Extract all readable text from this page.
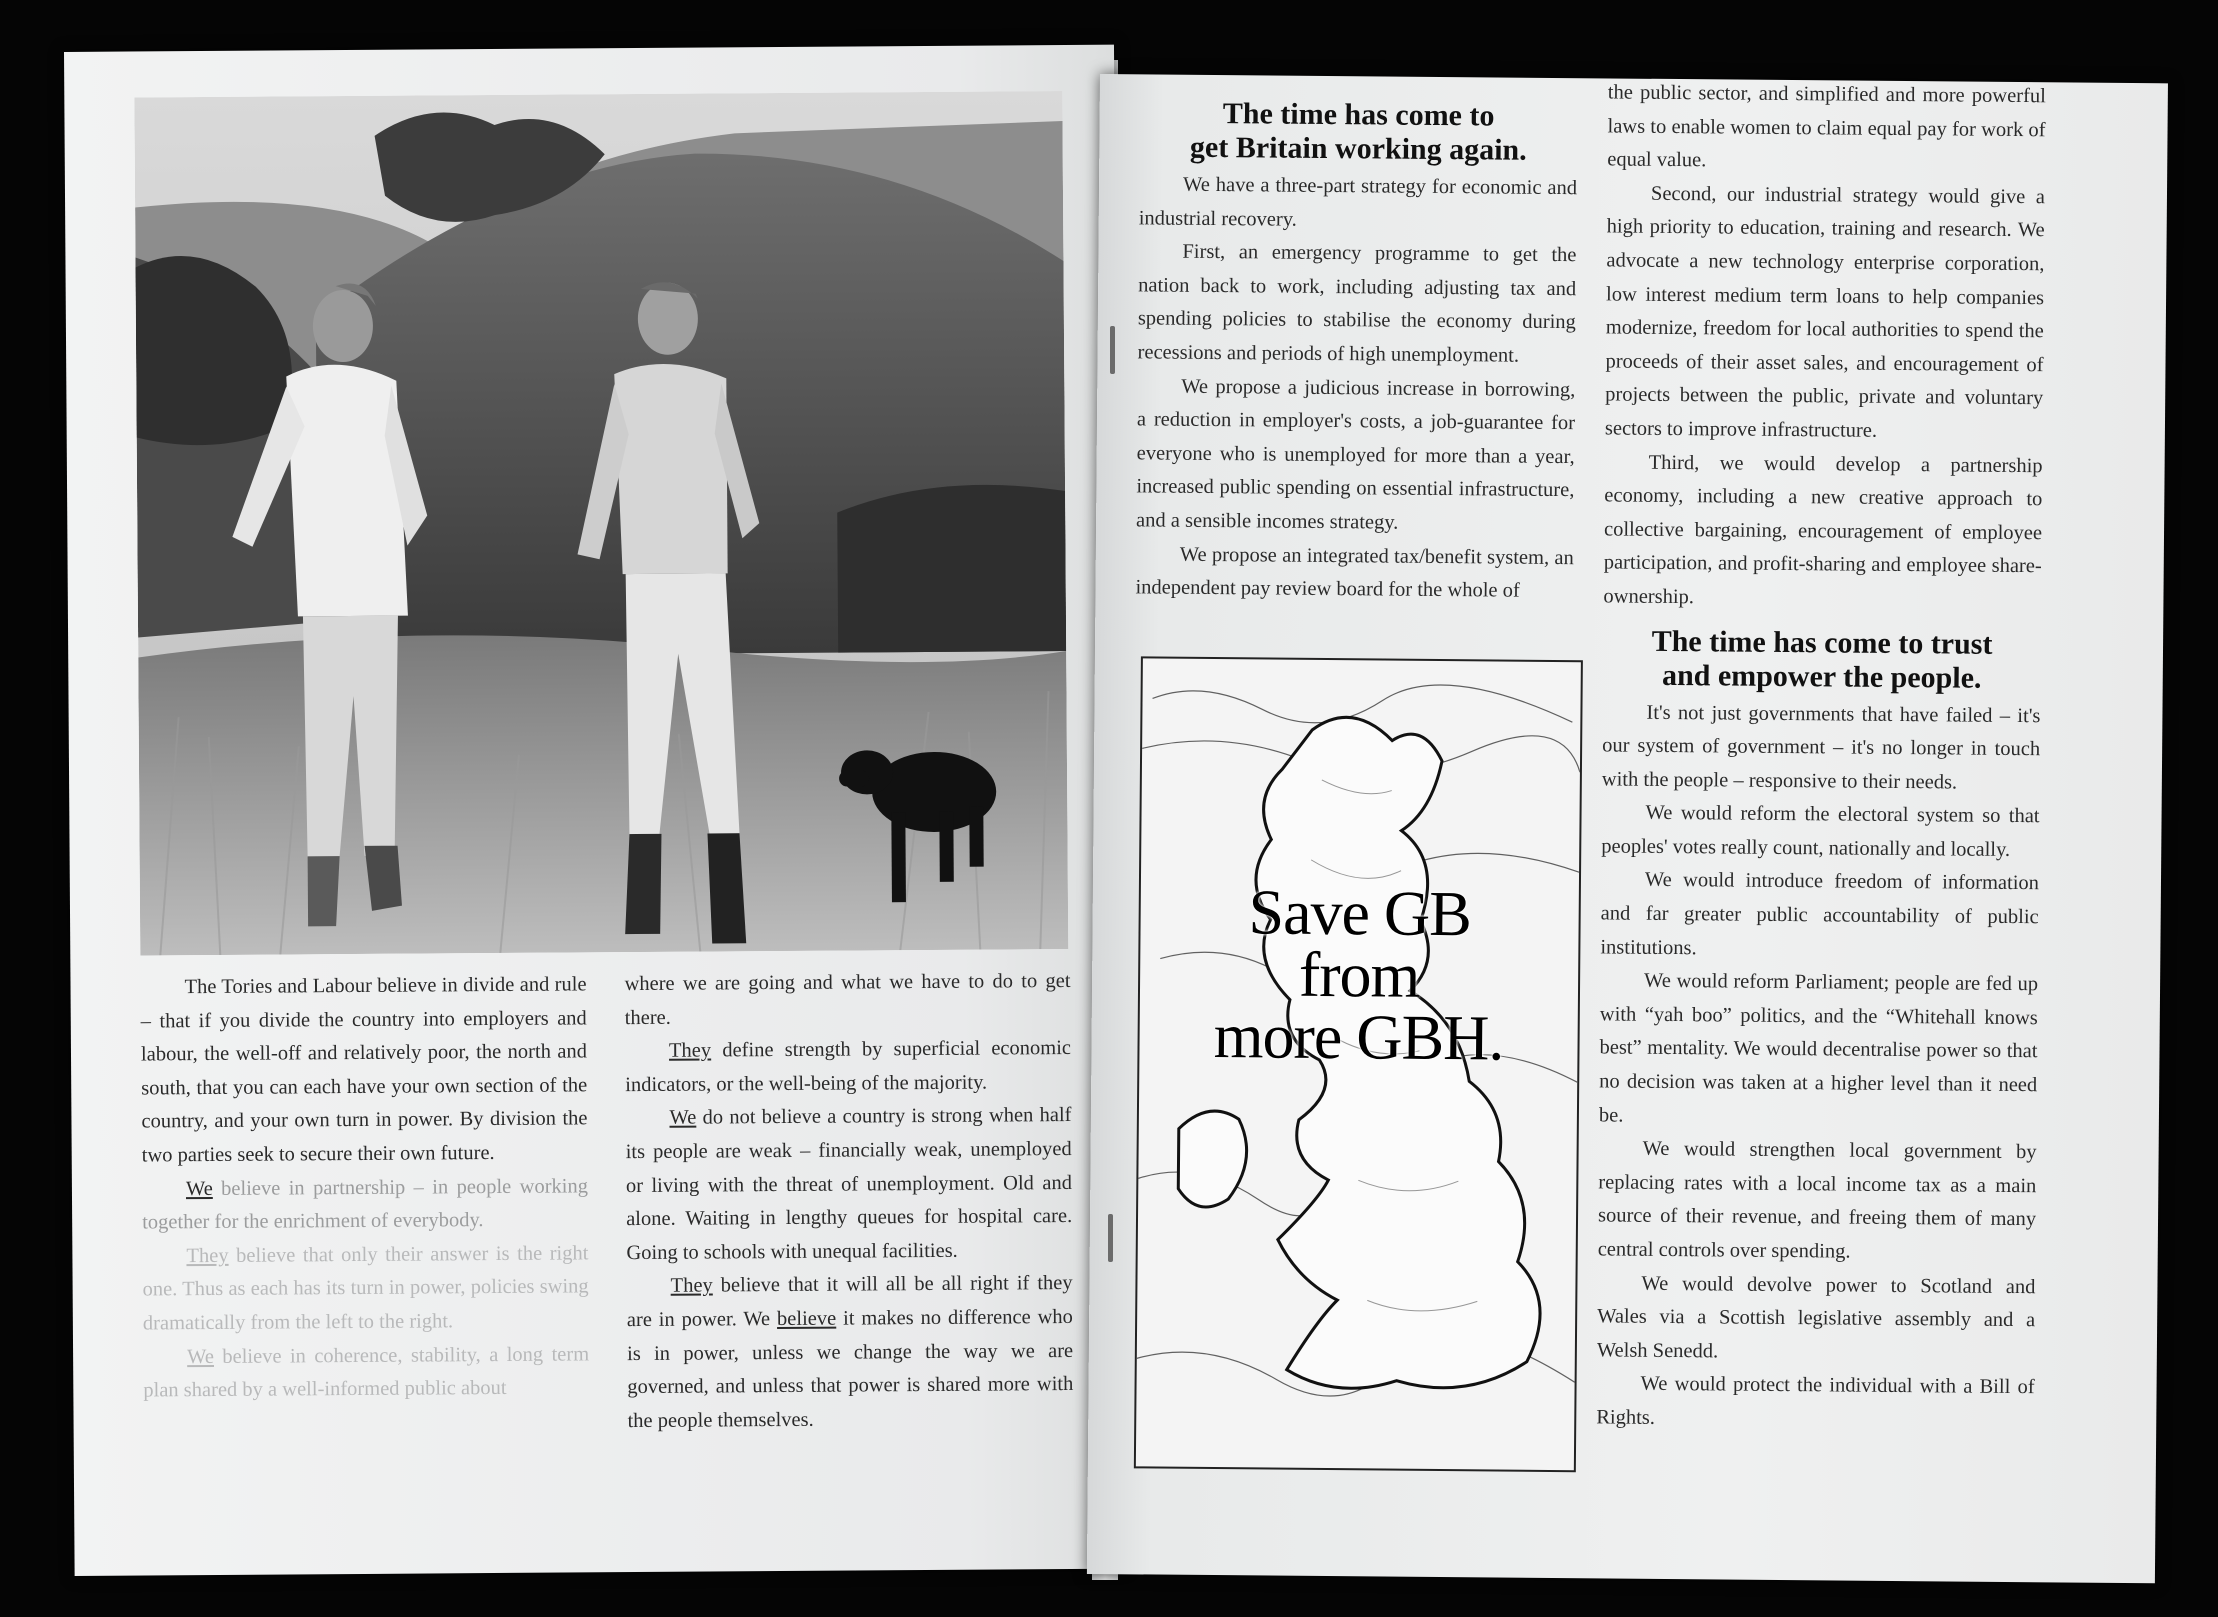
The Tories and Labour believe in divide and rule – that if you divide the country into employers and labour, the well-off and relatively poor, the north and south, that you can each have your own section of the country, and your own turn in power. By division the two parties seek to secure their own future.

We believe in partnership – in people working together for the enrichment of everybody.

They believe that only their answer is the right one. Thus as each has its turn in power, policies swing dramatically from the left to the right.

We believe in coherence, stability, a long term plan shared by a well-informed public about

where we are going and what we have to do to get there.

They define strength by superficial economic indicators, or the well-being of the majority.

We do not believe a country is strong when half its people are weak – financially weak, unemployed or living with the threat of unemployment. Old and alone. Waiting in lengthy queues for hospital care. Going to schools with unequal facilities.

They believe that it will all be all right if they are in power. We believe it makes no difference who is in power, unless we change the way we are governed, and unless that power is shared more with the people themselves.

The time has come to
get Britain working again.

We have a three-part strategy for economic and industrial recovery.

First, an emergency programme to get the nation back to work, including adjusting tax and spending policies to stabilise the economy during recessions and periods of high unemployment.

We propose a judicious increase in borrowing, a reduction in employer's costs, a job-guarantee for everyone who is unemployed for more than a year, increased public spending on essential infrastructure, and a sensible incomes strategy.

We propose an integrated tax/benefit system, an independent pay review board for the whole of

Save GB
from
more GBH.

the public sector, and simplified and more powerful laws to enable women to claim equal pay for work of equal value.

Second, our industrial strategy would give a high priority to education, training and research. We advocate a new technology enterprise corporation, low interest medium term loans to help companies modernize, freedom for local authorities to spend the proceeds of their asset sales, and encouragement of projects between the public, private and voluntary sectors to improve infrastructure.

Third, we would develop a partnership economy, including a new creative approach to collective bargaining, encouragement of employee participation, and profit-sharing and employee share-ownership.

The time has come to trust
and empower the people.

It's not just governments that have failed – it's our system of government – it's no longer in touch with the people – responsive to their needs.

We would reform the electoral system so that peoples' votes really count, nationally and locally.

We would introduce freedom of information and far greater public accountability of public institutions.

We would reform Parliament; people are fed up with “yah boo” politics, and the “Whitehall knows best” mentality. We would decentralise power so that no decision was taken at a higher level than it need be.

We would strengthen local government by replacing rates with a local income tax as a main source of their revenue, and freeing them of many central controls over spending.

We would devolve power to Scotland and Wales via a Scottish legislative assembly and a Welsh Senedd.

We would protect the individual with a Bill of Rights.
